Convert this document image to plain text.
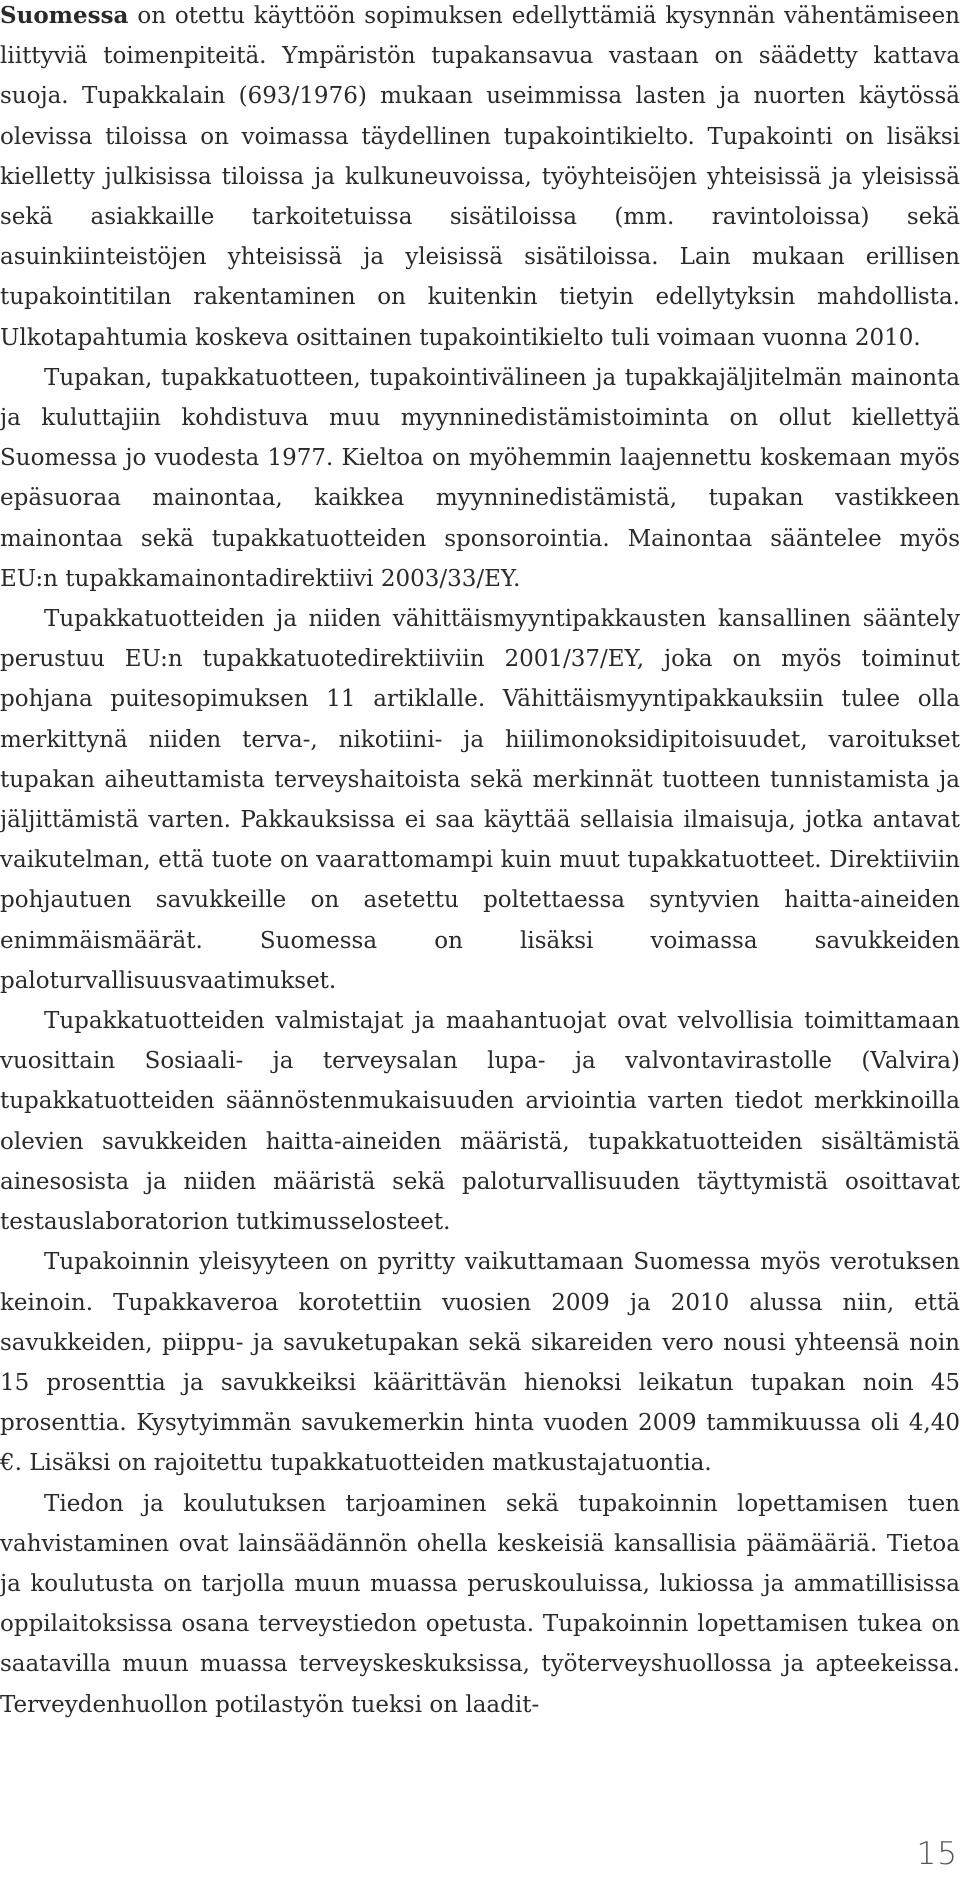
Suomessa on otettu käyttöön sopimuksen edellyttämiä kysynnän vähentämiseen liittyviä toimenpiteitä. Ympäristön tupakansavua vastaan on säädetty kattava suoja. Tupakkalain (693/1976) mukaan useimmissa lasten ja nuorten käytössä olevissa tiloissa on voimassa täydellinen tupakointikielto. Tupakointi on lisäksi kielletty julkisissa tiloissa ja kulkuneuvoissa, työyhteisöjen yhteisissä ja yleisissä sekä asiakkaille tarkoitetuissa sisätiloissa (mm. ravintoloissa) sekä asuinkiinteistöjen yhteisissä ja yleisissä sisätiloissa. Lain mukaan erillisen tupakointitilan rakentaminen on kuitenkin tietyin edellytyksin mahdollista. Ulkotapahtumia koskeva osittainen tupakointikielto tuli voimaan vuonna 2010.

Tupakan, tupakkatuotteen, tupakointivälineen ja tupakkajäljitelmän mainonta ja kuluttajiin kohdistuva muu myynninedistämistoiminta on ollut kiellettyä Suomessa jo vuodesta 1977. Kieltoa on myöhemmin laajennettu koskemaan myös epäsuoraa mainontaa, kaikkea myynninedistämistä, tupakan vastikkeen mainontaa sekä tupakkatuotteiden sponsorointia. Mainontaa sääntelee myös EU:n tupakkamainontadirektiivi 2003/33/EY.

Tupakkatuotteiden ja niiden vähittäismyyntipakkausten kansallinen sääntely perustuu EU:n tupakkatuotedirektiiviin 2001/37/EY, joka on myös toiminut pohjana puitesopimuksen 11 artiklalle. Vähittäismyyntipakkauksiin tulee olla merkittynä niiden terva-, nikotiini- ja hiilimonoksidipitoisuudet, varoitukset tupakan aiheuttamista terveyshaitoista sekä merkinnät tuotteen tunnistamista ja jäljittämistä varten. Pakkauksissa ei saa käyttää sellaisia ilmaisuja, jotka antavat vaikutelman, että tuote on vaarattomampi kuin muut tupakkatuotteet. Direktiiviin pohjautuen savukkeille on asetettu poltettaessa syntyvien haitta-aineiden enimmäismäärät. Suomessa on lisäksi voimassa savukkeiden paloturvallisuusvaatimukset.

Tupakkatuotteiden valmistajat ja maahantuojat ovat velvollisia toimittamaan vuosittain Sosiaali- ja terveysalan lupa- ja valvontavirastolle (Valvira) tupakkatuotteiden säännöstenmukaisuuden arviointia varten tiedot merkkinoilla olevien savukkeiden haitta-aineiden määristä, tupakkatuotteiden sisältämistä ainesosista ja niiden määristä sekä paloturvallisuuden täyttymistä osoittavat testauslaboratorion tutkimusselosteet.

Tupakoinnin yleisyyteen on pyritty vaikuttamaan Suomessa myös verotuksen keinoin. Tupakkaveroa korotettiin vuosien 2009 ja 2010 alussa niin, että savukkeiden, piippu- ja savuketupakan sekä sikareiden vero nousi yhteensä noin 15 prosenttia ja savukkeiksi käärittävän hienoksi leikatun tupakan noin 45 prosenttia. Kysytyimmän savukemerkin hinta vuoden 2009 tammikuussa oli 4,40 €. Lisäksi on rajoitettu tupakkatuotteiden matkustajatuontia.

Tiedon ja koulutuksen tarjoaminen sekä tupakoinnin lopettamisen tuen vahvistaminen ovat lainsäädännön ohella keskeisiä kansallisia päämääriä. Tietoa ja koulutusta on tarjolla muun muassa peruskouluissa, lukiossa ja ammatillisissa oppilaitoksissa osana terveystiedon opetusta. Tupakoinnin lopettamisen tukea on saatavilla muun muassa terveyskeskuksissa, työterveyshuollossa ja apteekeissa. Terveydenhuollon potilastyön tueksi on laadit-

15
